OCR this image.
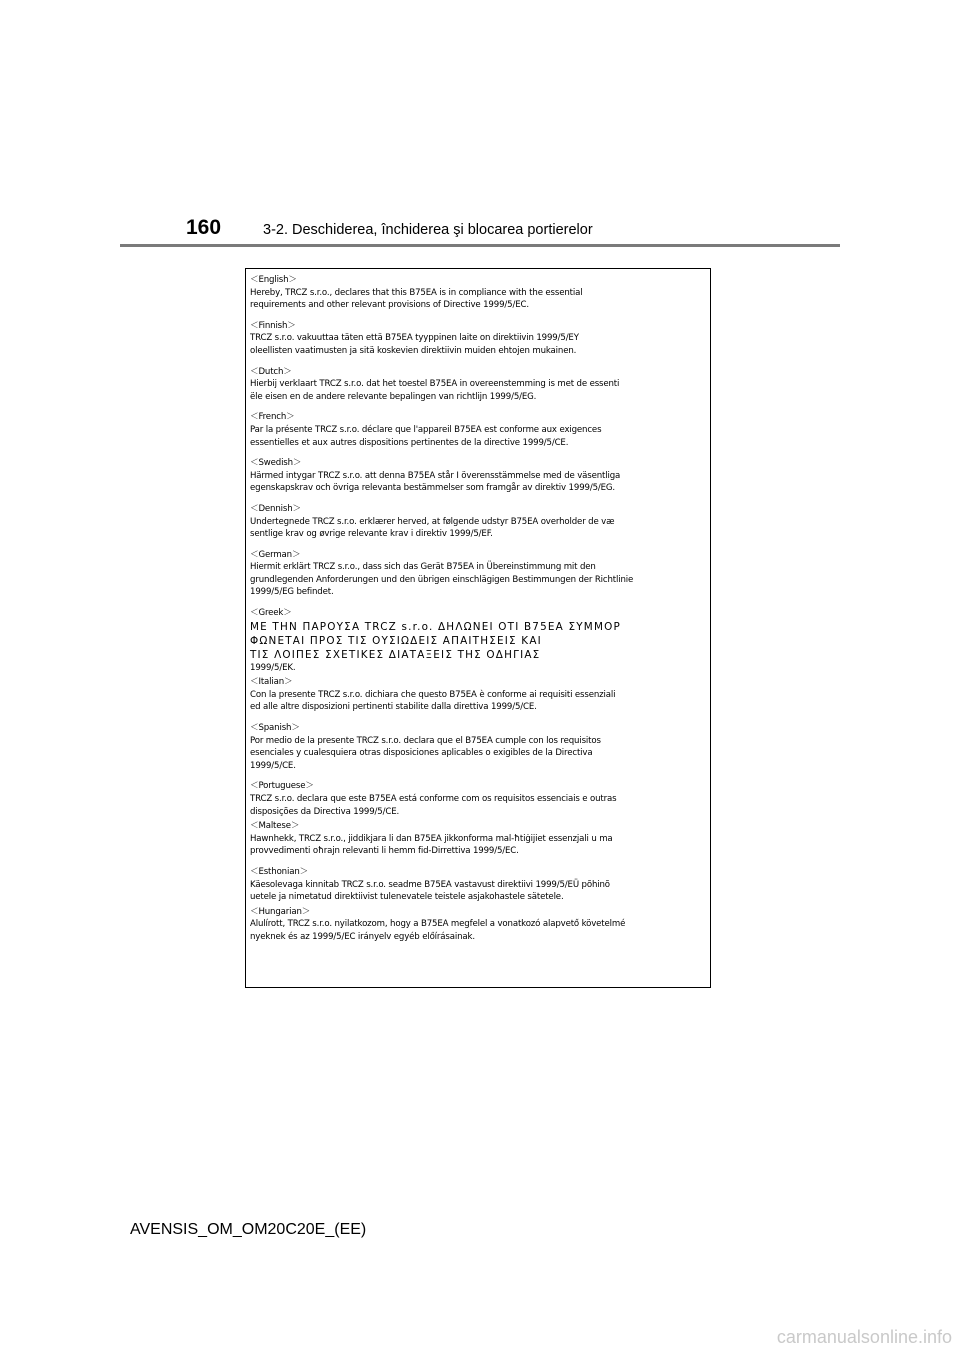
160	3-2. Deschiderea, închiderea şi blocarea portierelor
＜English＞
Hereby, TRCZ s.r.o., declares that this B75EA is in compliance with the essential
requirements and other relevant provisions of Directive 1999/5/EC.
＜Finnish＞
TRCZ s.r.o. vakuuttaa täten että B75EA tyyppinen laite on direktiivin 1999/5/EY
oleellisten vaatimusten ja sitä koskevien direktiivin muiden ehtojen mukainen.
＜Dutch＞
Hierbij verklaart TRCZ s.r.o. dat het toestel B75EA in overeenstemming is met de essenti
ële eisen en de andere relevante bepalingen van richtlijn 1999/5/EG.
＜French＞
Par la présente TRCZ s.r.o. déclare que l'appareil B75EA est conforme aux exigences
essentielles et aux autres dispositions pertinentes de la directive 1999/5/CE.
＜Swedish＞
Härmed intygar TRCZ s.r.o. att denna B75EA står I överensstämmelse med de väsentliga
egenskapskrav och övriga relevanta bestämmelser som framgår av direktiv 1999/5/EG.
＜Dennish＞
Undertegnede TRCZ s.r.o. erklærer herved, at følgende udstyr B75EA overholder de væ
sentlige krav og øvrige relevante krav i direktiv 1999/5/EF.
＜German＞
Hiermit erklärt TRCZ s.r.o., dass sich das Gerät B75EA in Übereinstimmung mit den
grundlegenden Anforderungen und den übrigen einschlägigen Bestimmungen der Richtlinie
1999/5/EG befindet.
＜Greek＞
ΜΕ ΤΗΝ ΠΑΡΟΥΣΑ TRCZ s.r.o. ΔΗΛΩΝΕΙ ΟΤΙ B75EA ΣΥΜΜΟΡ
ΦΩΝΕΤΑΙ ΠΡΟΣ ΤΙΣ ΟΥΣΙΩΔΕΙΣ ΑΠΑΙΤΗΣΕΙΣ ΚΑΙ
ΤΙΣ ΛΟΙΠΕΣ ΣΧΕΤΙΚΕΣ ΔΙΑΤΑΞΕΙΣ ΤΗΣ ΟΔΗΓΙΑΣ
1999/5/EK.
＜Italian＞
Con la presente TRCZ s.r.o. dichiara che questo B75EA è conforme ai requisiti essenziali
ed alle altre disposizioni pertinenti stabilite dalla direttiva 1999/5/CE.
＜Spanish＞
Por medio de la presente TRCZ s.r.o. declara que el B75EA cumple con los requisitos
esenciales y cualesquiera otras disposiciones aplicables o exigibles de la Directiva
1999/5/CE.
＜Portuguese＞
TRCZ s.r.o. declara que este B75EA está conforme com os requisitos essenciais e outras
disposições da Directiva 1999/5/CE.
＜Maltese＞
Hawnhekk, TRCZ s.r.o., jiddikjara li dan B75EA jikkonforma mal-ħtiġijiet essenzjali u ma
provvedimenti oħrajn relevanti li hemm fid-Dirrettiva 1999/5/EC.
＜Esthonian＞
Käesolevaga kinnitab TRCZ s.r.o. seadme B75EA vastavust direktiivi 1999/5/EÜ põhinõ
uetele ja nimetatud direktiivist tulenevatele teistele asjakohastele sätetele.
＜Hungarian＞
Alulírott, TRCZ s.r.o. nyilatkozom, hogy a B75EA megfelel a vonatkozó alapvető követelmé
nyeknek és az 1999/5/EC irányelv egyéb előírásainak.
AVENSIS_OM_OM20C20E_(EE)
carmanualsonline.info
